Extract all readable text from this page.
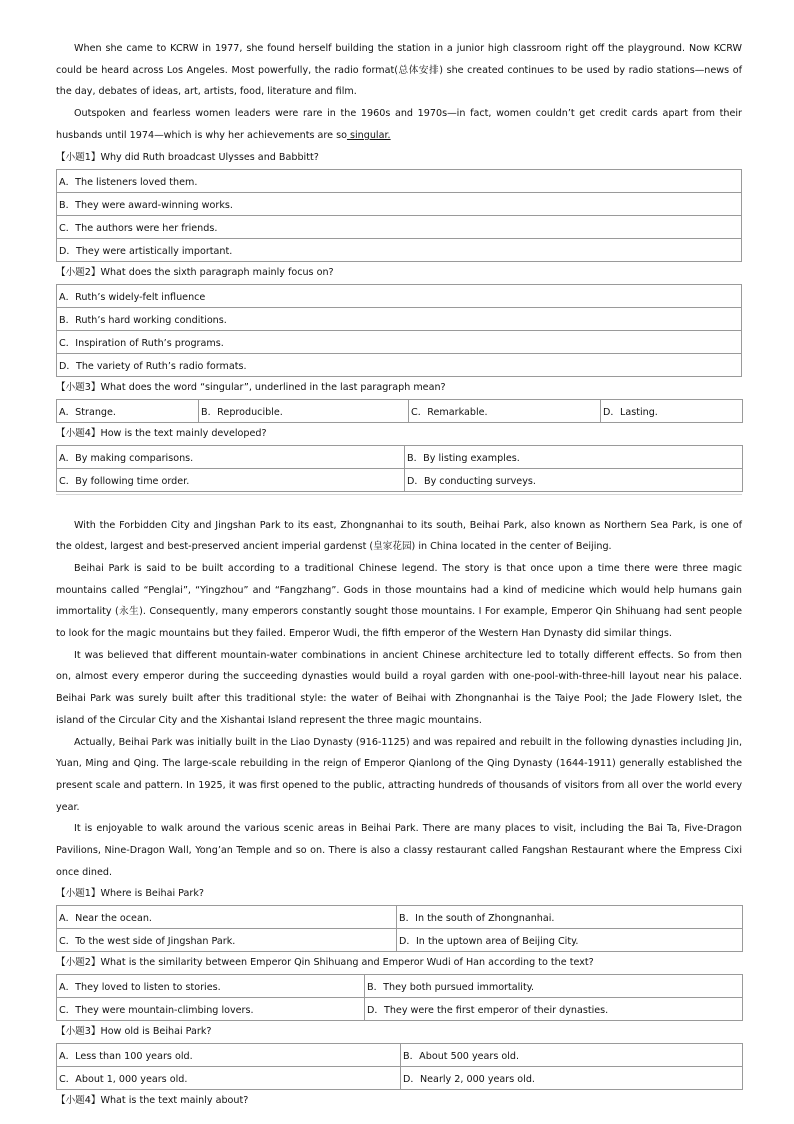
When she came to KCRW in 1977, she found herself building the station in a junior high classroom right off the playground. Now KCRW could be heard across Los Angeles. Most powerfully, the radio format(总体安排) she created continues to be used by radio stations—news of the day, debates of ideas, art, artists, food, literature and film.

Outspoken and fearless women leaders were rare in the 1960s and 1970s—in fact, women couldn’t get credit cards apart from their husbands until 1974—which is why her achievements are so singular.

【小题1】Why did Ruth broadcast Ulysses and Babbitt?

A．The listeners loved them.
B．They were award-winning works.
C．The authors were her friends.
D．They were artistically important.

【小题2】What does the sixth paragraph mainly focus on?

A．Ruth’s widely-felt influence
B．Ruth’s hard working conditions.
C．Inspiration of Ruth’s programs.
D．The variety of Ruth’s radio formats.

【小题3】What does the word “singular”, underlined in the last paragraph mean?

A．Strange.	B．Reproducible.	C．Remarkable.	D．Lasting.

【小题4】How is the text mainly developed?

A．By making comparisons.	B．By listing examples.
C．By following time order.	D．By conducting surveys.

With the Forbidden City and Jingshan Park to its east, Zhongnanhai to its south, Beihai Park, also known as Northern Sea Park, is one of the oldest, largest and best-preserved ancient imperial gardenst (皇家花园) in China located in the center of Beijing.

Beihai Park is said to be built according to a traditional Chinese legend. The story is that once upon a time there were three magic mountains called “Penglai”, “Yingzhou” and “Fangzhang”. Gods in those mountains had a kind of medicine which would help humans gain immortality (永生). Consequently, many emperors constantly sought those mountains. I For example, Emperor Qin Shihuang had sent people to look for the magic mountains but they failed. Emperor Wudi, the fifth emperor of the Western Han Dynasty did similar things.

It was believed that different mountain-water combinations in ancient Chinese architecture led to totally different effects. So from then on, almost every emperor during the succeeding dynasties would build a royal garden with one-pool-with-three-hill layout near his palace. Beihai Park was surely built after this traditional style: the water of Beihai with Zhongnanhai is the Taiye Pool; the Jade Flowery Islet, the island of the Circular City and the Xishantai Island represent the three magic mountains.

Actually, Beihai Park was initially built in the Liao Dynasty (916-1125) and was repaired and rebuilt in the following dynasties including Jin, Yuan, Ming and Qing. The large-scale rebuilding in the reign of Emperor Qianlong of the Qing Dynasty (1644-1911) generally established the present scale and pattern. In 1925, it was first opened to the public, attracting hundreds of thousands of visitors from all over the world every year.

It is enjoyable to walk around the various scenic areas in Beihai Park. There are many places to visit, including the Bai Ta, Five-Dragon Pavilions, Nine-Dragon Wall, Yong’an Temple and so on. There is also a classy restaurant called Fangshan Restaurant where the Empress Cixi once dined.

【小题1】Where is Beihai Park?

A．Near the ocean.	B．In the south of Zhongnanhai.
C．To the west side of Jingshan Park.	D．In the uptown area of Beijing City.

【小题2】What is the similarity between Emperor Qin Shihuang and Emperor Wudi of Han according to the text?

A．They loved to listen to stories.	B．They both pursued immortality.
C．They were mountain-climbing lovers.	D．They were the first emperor of their dynasties.

【小题3】How old is Beihai Park?

A．Less than 100 years old.	B．About 500 years old.
C．About 1, 000 years old.	D．Nearly 2, 000 years old.

【小题4】What is the text mainly about?
